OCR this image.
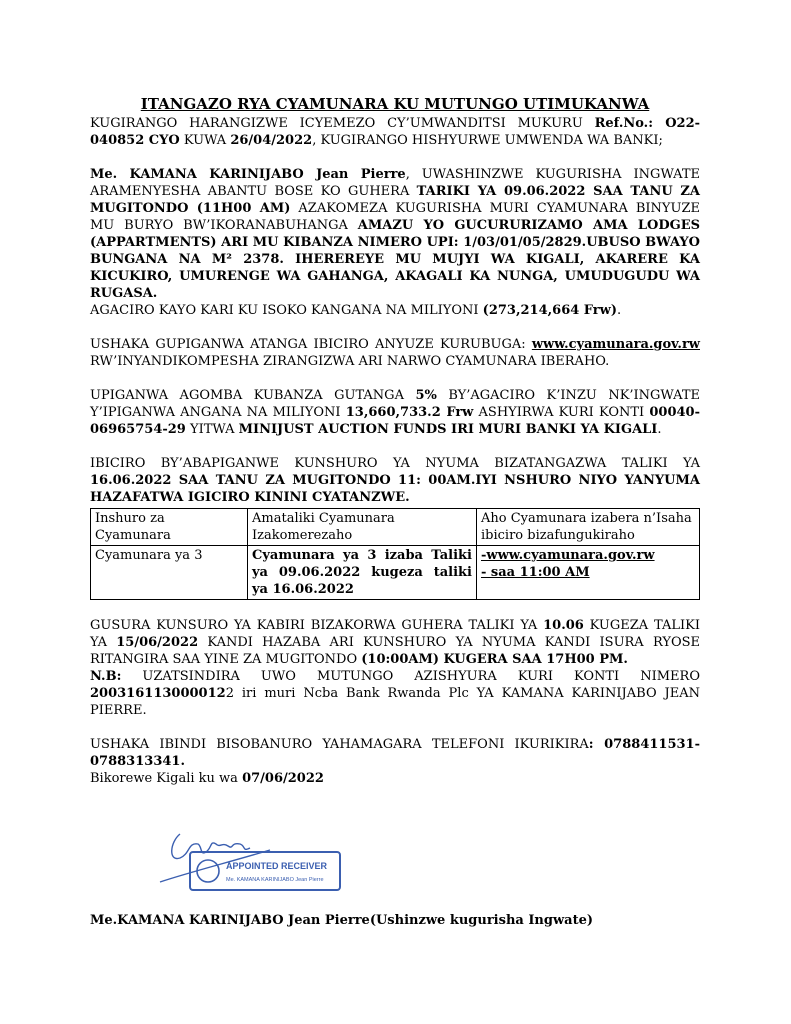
ITANGAZO RYA CYAMUNARA KU MUTUNGO UTIMUKANWA

KUGIRANGO HARANGIZWE ICYEMEZO CY’UMWANDITSI MUKURU Ref.No.: O22-040852 CYO KUWA 26/04/2022, KUGIRANGO HISHYURWE UMWENDA WA BANKI;

Me. KAMANA KARINIJABO Jean Pierre, UWASHINZWE KUGURISHA INGWATE ARAMENYESHA ABANTU BOSE KO GUHERA TARIKI YA 09.06.2022 SAA TANU ZA MUGITONDO (11H00 AM) AZAKOMEZA KUGURISHA MURI CYAMUNARA BINYUZE MU BURYO BW’IKORANABUHANGA AMAZU YO GUCURURIZAMO AMA LODGES (APPARTMENTS) ARI MU KIBANZA NIMERO UPI: 1/03/01/05/2829.UBUSO BWAYO BUNGANA NA M² 2378. IHEREREYE MU MUJYI WA KIGALI, AKARERE KA KICUKIRO, UMURENGE WA GAHANGA, AKAGALI KA NUNGA, UMUDUGUDU WA RUGASA.
AGACIRO KAYO KARI KU ISOKO KANGANA NA MILIYONI (273,214,664 Frw).

USHAKA GUPIGANWA ATANGA IBICIRO ANYUZE KURUBUGA: www.cyamunara.gov.rw RW’INYANDIKOMPESHA ZIRANGIZWA ARI NARWO CYAMUNARA IBERAHO.

UPIGANWA AGOMBA KUBANZA GUTANGA 5% BY’AGACIRO K’INZU NK’INGWATE Y’IPIGANWA ANGANA NA MILIYONI 13,660,733.2 Frw ASHYIRWA KURI KONTI 00040-06965754-29 YITWA MINIJUST AUCTION FUNDS IRI MURI BANKI YA KIGALI.

IBICIRO BY’ABAPIGANWE KUNSHURO YA NYUMA BIZATANGAZWA TALIKI YA 16.06.2022 SAA TANU ZA MUGITONDO 11: 00AM.IYI NSHURO NIYO YANYUMA HAZAFATWA IGICIRO KININI CYATANZWE.

Inshuro za Cyamunara	Amataliki Cyamunara Izakomerezaho	Aho Cyamunara izabera n’Isaha ibiciro bizafungukiraho
Cyamunara ya 3	Cyamunara ya 3 izaba Taliki ya 09.06.2022 kugeza taliki ya 16.06.2022	-www.cyamunara.gov.rw
- saa 11:00 AM

GUSURA KUNSURO YA KABIRI BIZAKORWA GUHERA TALIKI YA 10.06 KUGEZA TALIKI YA 15/06/2022 KANDI HAZABA ARI KUNSHURO YA NYUMA KANDI ISURA RYOSE RITANGIRA SAA YINE ZA MUGITONDO (10:00AM) KUGERA SAA 17H00 PM.

N.B: UZATSINDIRA UWO MUTUNGO AZISHYURA KURI KONTI NIMERO 2003161130000122 iri muri Ncba Bank Rwanda Plc YA KAMANA KARINIJABO JEAN PIERRE.

USHAKA IBINDI BISOBANURO YAHAMAGARA TELEFONI IKURIKIRA: 0788411531-0788313341.

Bikorewe Kigali ku wa 07/06/2022

APPOINTED RECEIVER
Me. KAMANA KARINIJABO Jean Pierre
Me.KAMANA KARINIJABO Jean Pierre(Ushinzwe kugurisha Ingwate)
